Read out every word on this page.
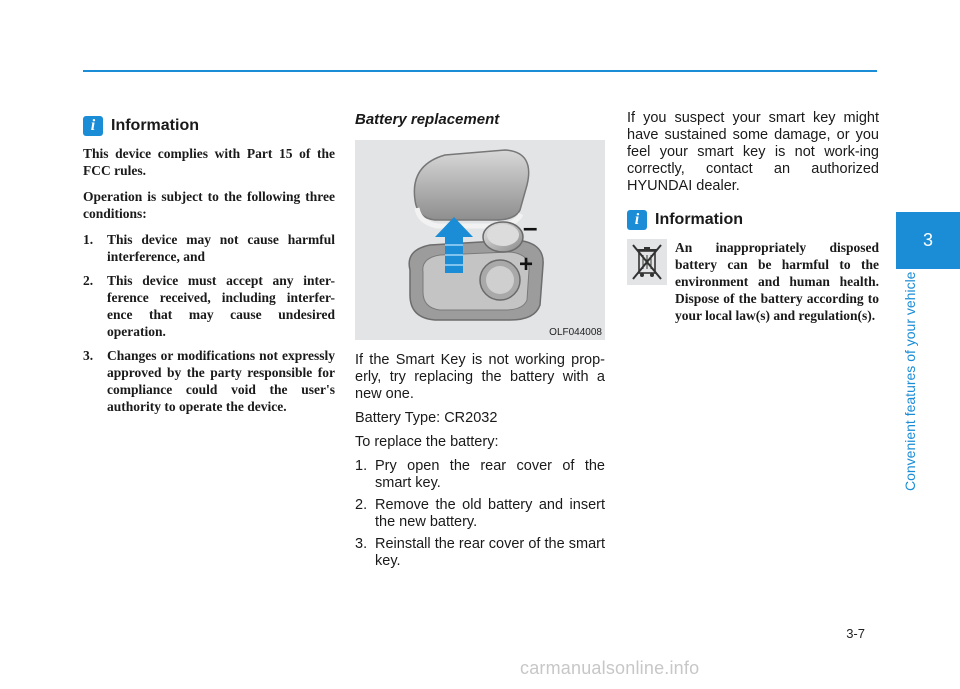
i Information

This device complies with Part 15 of the FCC rules.

Operation is subject to the following three conditions:

1. This device may not cause harmful interference, and
2. This device must accept any inter-ference received, including interfer-ence that may cause undesired operation.
3. Changes or modifications not expressly approved by the party responsible for compliance could void the user's authority to operate the device.
Battery replacement
–
+
OLF044008

If the Smart Key is not working prop-erly, try replacing the battery with a new one.

Battery Type: CR2032

To replace the battery:

1. Pry open the rear cover of the smart key.
2. Remove the old battery and insert the new battery.
3. Reinstall the rear cover of the smart key.

If you suspect your smart key might have sustained some damage, or you feel your smart key is not work-ing correctly, contact an authorized HYUNDAI dealer.

i Information
An inappropriately disposed battery can be harmful to the environment and human health. Dispose of the battery according to your local law(s) and regulation(s).
3
Convenient features of your vehicle
3-7
carmanualsonline.info
